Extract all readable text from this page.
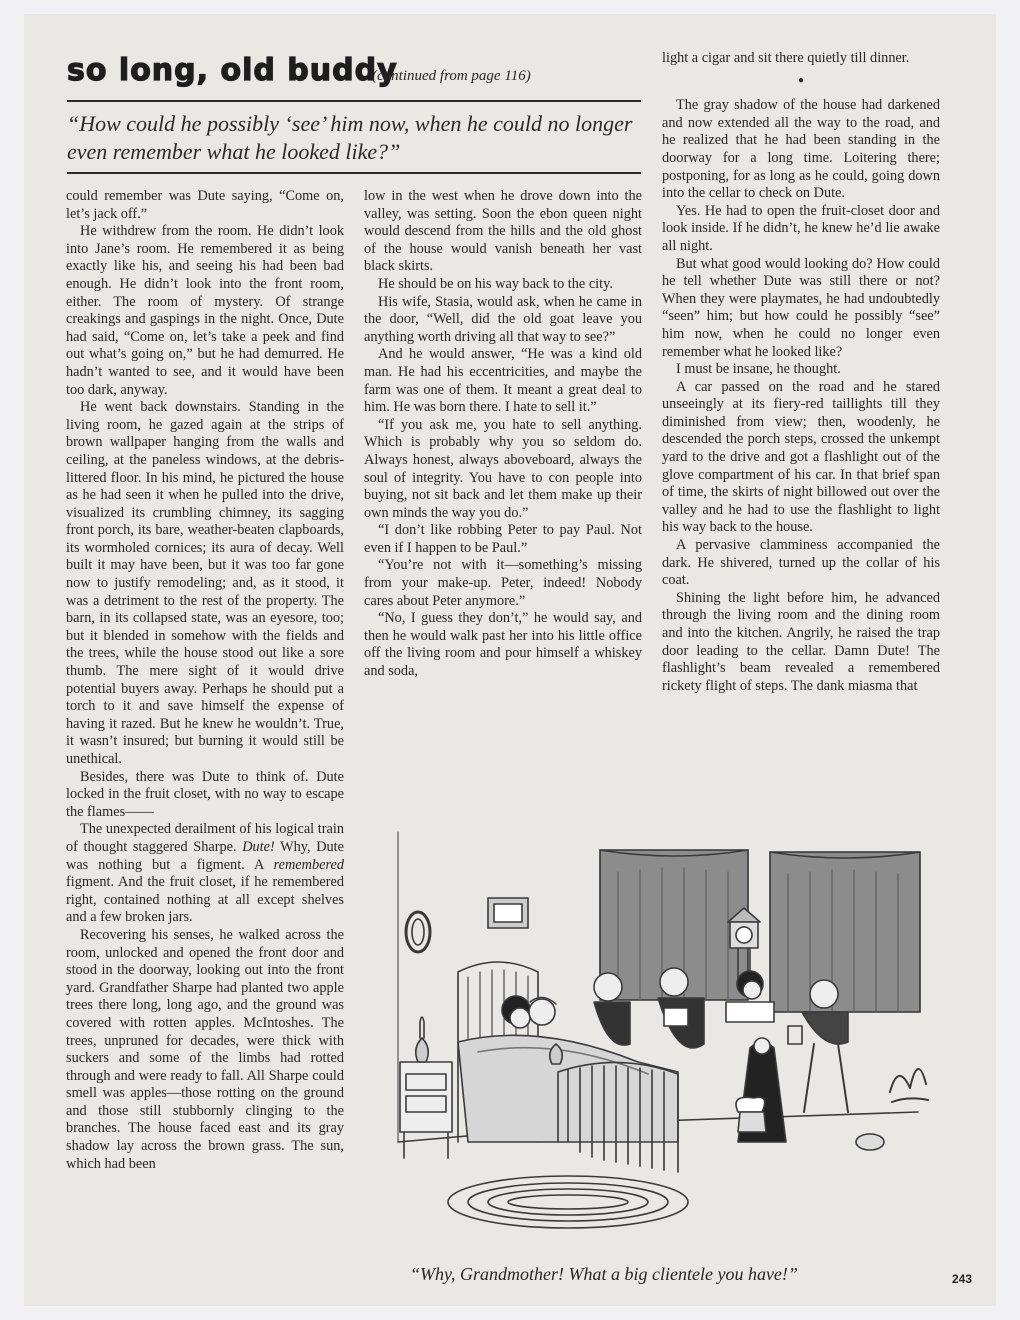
so long, old buddy
(continued from page 116)
“How could he possibly ‘see’ him now, when he could no longer even remember what he looked like?”

could remember was Dute saying, “Come on, let’s jack off.”

He withdrew from the room. He didn’t look into Jane’s room. He remembered it as being exactly like his, and seeing his had been bad enough. He didn’t look into the front room, either. The room of mystery. Of strange creakings and gaspings in the night. Once, Dute had said, “Come on, let’s take a peek and find out what’s going on,” but he had demurred. He hadn’t wanted to see, and it would have been too dark, anyway.

He went back downstairs. Standing in the living room, he gazed again at the strips of brown wallpaper hanging from the walls and ceiling, at the paneless windows, at the debris-littered floor. In his mind, he pictured the house as he had seen it when he pulled into the drive, visualized its crumbling chimney, its sagging front porch, its bare, weather-beaten clapboards, its wormholed cornices; its aura of decay. Well built it may have been, but it was too far gone now to justify remodeling; and, as it stood, it was a detriment to the rest of the property. The barn, in its collapsed state, was an eyesore, too; but it blended in somehow with the fields and the trees, while the house stood out like a sore thumb. The mere sight of it would drive potential buyers away. Perhaps he should put a torch to it and save himself the expense of having it razed. But he knew he wouldn’t. True, it wasn’t insured; but burning it would still be unethical.

Besides, there was Dute to think of. Dute locked in the fruit closet, with no way to escape the flames——

The unexpected derailment of his logical train of thought staggered Sharpe. Dute! Why, Dute was nothing but a figment. A remembered figment. And the fruit closet, if he remembered right, contained nothing at all except shelves and a few broken jars.

Recovering his senses, he walked across the room, unlocked and opened the front door and stood in the doorway, looking out into the front yard. Grandfather Sharpe had planted two apple trees there long, long ago, and the ground was covered with rotten apples. McIntoshes. The trees, unpruned for decades, were thick with suckers and some of the limbs had rotted through and were ready to fall. All Sharpe could smell was apples—those rotting on the ground and those still stubbornly clinging to the branches. The house faced east and its gray shadow lay across the brown grass. The sun, which had been

low in the west when he drove down into the valley, was setting. Soon the ebon queen night would descend from the hills and the old ghost of the house would vanish beneath her vast black skirts.

He should be on his way back to the city.

His wife, Stasia, would ask, when he came in the door, “Well, did the old goat leave you anything worth driving all that way to see?”

And he would answer, “He was a kind old man. He had his eccentricities, and maybe the farm was one of them. It meant a great deal to him. He was born there. I hate to sell it.”

“If you ask me, you hate to sell anything. Which is probably why you so seldom do. Always honest, always aboveboard, always the soul of integrity. You have to con people into buying, not sit back and let them make up their own minds the way you do.”

“I don’t like robbing Peter to pay Paul. Not even if I happen to be Paul.”

“You’re not with it—something’s missing from your make-up. Peter, indeed! Nobody cares about Peter anymore.”

“No, I guess they don’t,” he would say, and then he would walk past her into his little office off the living room and pour himself a whiskey and soda,

light a cigar and sit there quietly till dinner.

●

The gray shadow of the house had darkened and now extended all the way to the road, and he realized that he had been standing in the doorway for a long time. Loitering there; postponing, for as long as he could, going down into the cellar to check on Dute.

Yes. He had to open the fruit-closet door and look inside. If he didn’t, he knew he’d lie awake all night.

But what good would looking do? How could he tell whether Dute was still there or not? When they were playmates, he had undoubtedly “seen” him; but how could he possibly “see” him now, when he could no longer even remember what he looked like?

I must be insane, he thought.

A car passed on the road and he stared unseeingly at its fiery-red taillights till they diminished from view; then, woodenly, he descended the porch steps, crossed the unkempt yard to the drive and got a flashlight out of the glove compartment of his car. In that brief span of time, the skirts of night billowed out over the valley and he had to use the flashlight to light his way back to the house.

A pervasive clamminess accompanied the dark. He shivered, turned up the collar of his coat.

Shining the light before him, he advanced through the living room and the dining room and into the kitchen. Angrily, he raised the trap door leading to the cellar. Damn Dute! The flashlight’s beam revealed a remembered rickety flight of steps. The dank miasma that

“Why, Grandmother! What a big clientele you have!”	243
